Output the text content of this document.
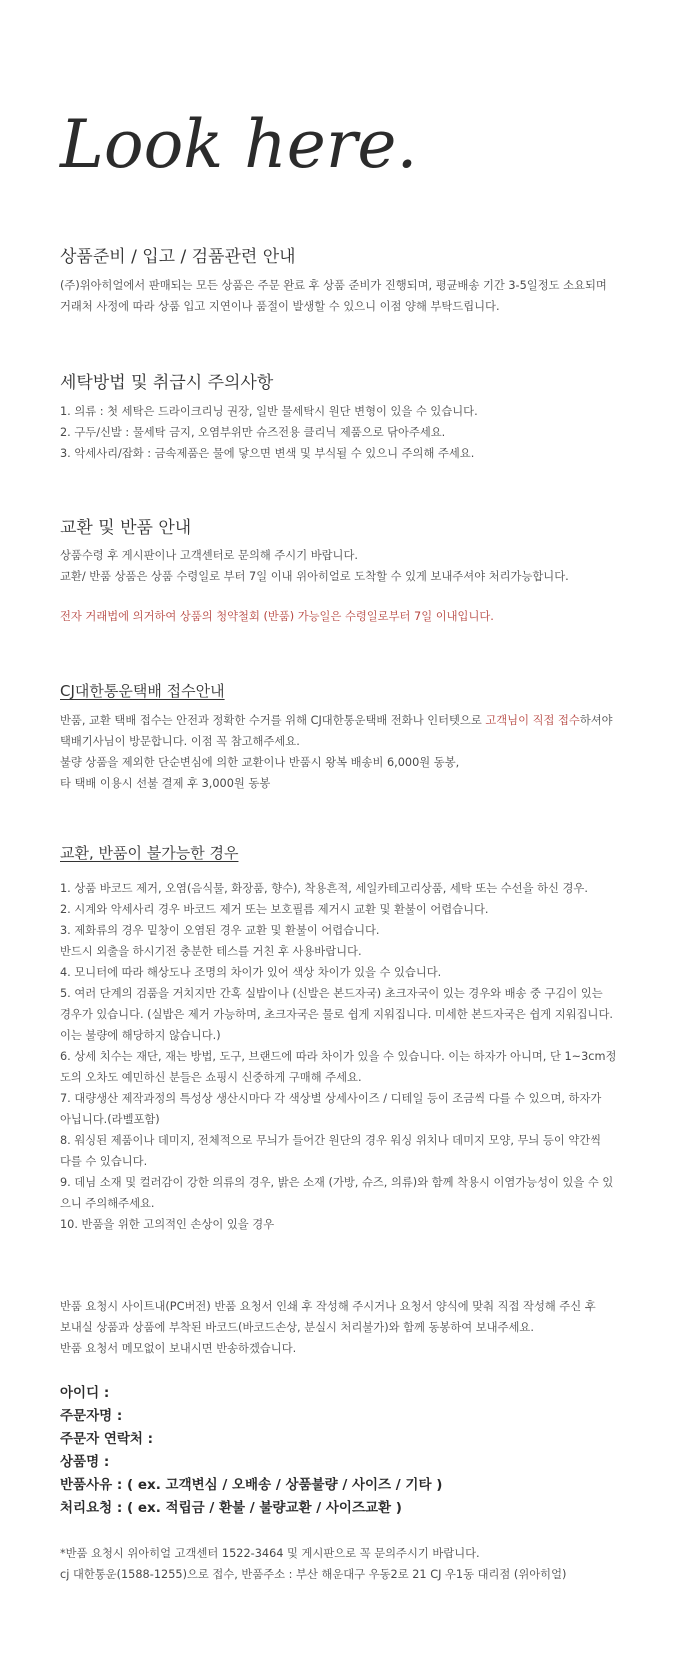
Look here.
상품준비 / 입고 / 검품관련 안내
(주)위아히얼에서 판매되는 모든 상품은 주문 완료 후 상품 준비가 진행되며, 평균배송 기간 3-5일정도 소요되며
거래처 사정에 따라 상품 입고 지연이나 품절이 발생할 수 있으니 이점 양해 부탁드립니다.
세탁방법 및 취급시 주의사항
1. 의류 : 첫 세탁은 드라이크리닝 권장, 일반 물세탁시 원단 변형이 있을 수 있습니다.
2. 구두/신발 : 물세탁 금지, 오염부위만 슈즈전용 클리닉 제품으로 닦아주세요.
3. 악세사리/잡화 : 금속제품은 물에 닿으면 변색 및 부식될 수 있으니 주의해 주세요.
교환 및 반품 안내
상품수령 후 게시판이나 고객센터로 문의해 주시기 바랍니다.
교환/ 반품 상품은 상품 수령일로 부터 7일 이내 위아히얼로 도착할 수 있게 보내주셔야 처리가능합니다.
전자 거래법에 의거하여 상품의 청약철회 (반품) 가능일은 수령일로부터 7일 이내입니다.
CJ대한통운택배 접수안내
반품, 교환 택배 접수는 안전과 정확한 수거를 위해 CJ대한통운택배 전화나 인터텟으로 고객님이 직접 접수하셔야
택배기사님이 방문합니다. 이점 꼭 참고해주세요.
불량 상품을 제외한 단순변심에 의한 교환이나 반품시 왕복 배송비 6,000원 동봉,
타 택배 이용시 선불 결제 후 3,000원 동봉
교환, 반품이 불가능한 경우
1. 상품 바코드 제거, 오염(음식물, 화장품, 향수), 착용흔적, 세일카테고리상품, 세탁 또는 수선을 하신 경우.
2. 시계와 악세사리 경우 바코드 제거 또는 보호필름 제거시 교환 및 환불이 어렵습니다.
3. 제화류의 경우 밑창이 오염된 경우 교환 및 환불이 어렵습니다.
반드시 외출을 하시기전 충분한 테스를 거친 후 사용바랍니다.
4. 모니터에 따라 해상도나 조명의 차이가 있어 색상 차이가 있을 수 있습니다.
5. 여러 단계의 검품을 거치지만 간혹 실밥이나 (신발은 본드자국) 초크자국이 있는 경우와 배송 중 구김이 있는
경우가 있습니다. (실밥은 제거 가능하며, 초크자국은 물로 쉽게 지워집니다. 미세한 본드자국은 쉽게 지워집니다.
이는 불량에 해당하지 않습니다.)
6. 상세 치수는 재단, 재는 방법, 도구, 브랜드에 따라 차이가 있을 수 있습니다. 이는 하자가 아니며, 단 1~3cm정
도의 오차도 예민하신 분들은 쇼핑시 신중하게 구매해 주세요.
7. 대량생산 제작과정의 특성상 생산시마다 각 색상별 상세사이즈 / 디테일 등이 조금씩 다를 수 있으며, 하자가
아닙니다.(라벨포함)
8. 워싱된 제품이나 데미지, 전체적으로 무늬가 들어간 원단의 경우 워싱 위치나 데미지 모양, 무늬 등이 약간씩
다를 수 있습니다.
9. 데님 소재 및 컬러감이 강한 의류의 경우, 밝은 소재 (가방, 슈즈, 의류)와 함께 착용시 이염가능성이 있을 수 있
으니 주의해주세요.
10. 반품을 위한 고의적인 손상이 있을 경우
반품 요청시 사이트내(PC버전) 반품 요청서 인쇄 후 작성해 주시거나 요청서 양식에 맞춰 직접 작성해 주신 후
보내실 상품과 상품에 부착된 바코드(바코드손상, 분실시 처리불가)와 함께 동봉하여 보내주세요.
반품 요청서 메모없이 보내시면 반송하겠습니다.
아이디 :
주문자명 :
주문자 연락처 :
상품명 :
반품사유 : ( ex. 고객변심 / 오배송 / 상품불량 / 사이즈 / 기타 )
처리요청 : ( ex. 적립금 / 환불 / 불량교환 / 사이즈교환 )
*반품 요청시 위아히얼 고객센터 1522-3464 및 게시판으로 꼭 문의주시기 바랍니다.
cj 대한통운(1588-1255)으로 접수, 반품주소 : 부산 해운대구 우동2로 21 CJ 우1동 대리점 (위아히얼)
